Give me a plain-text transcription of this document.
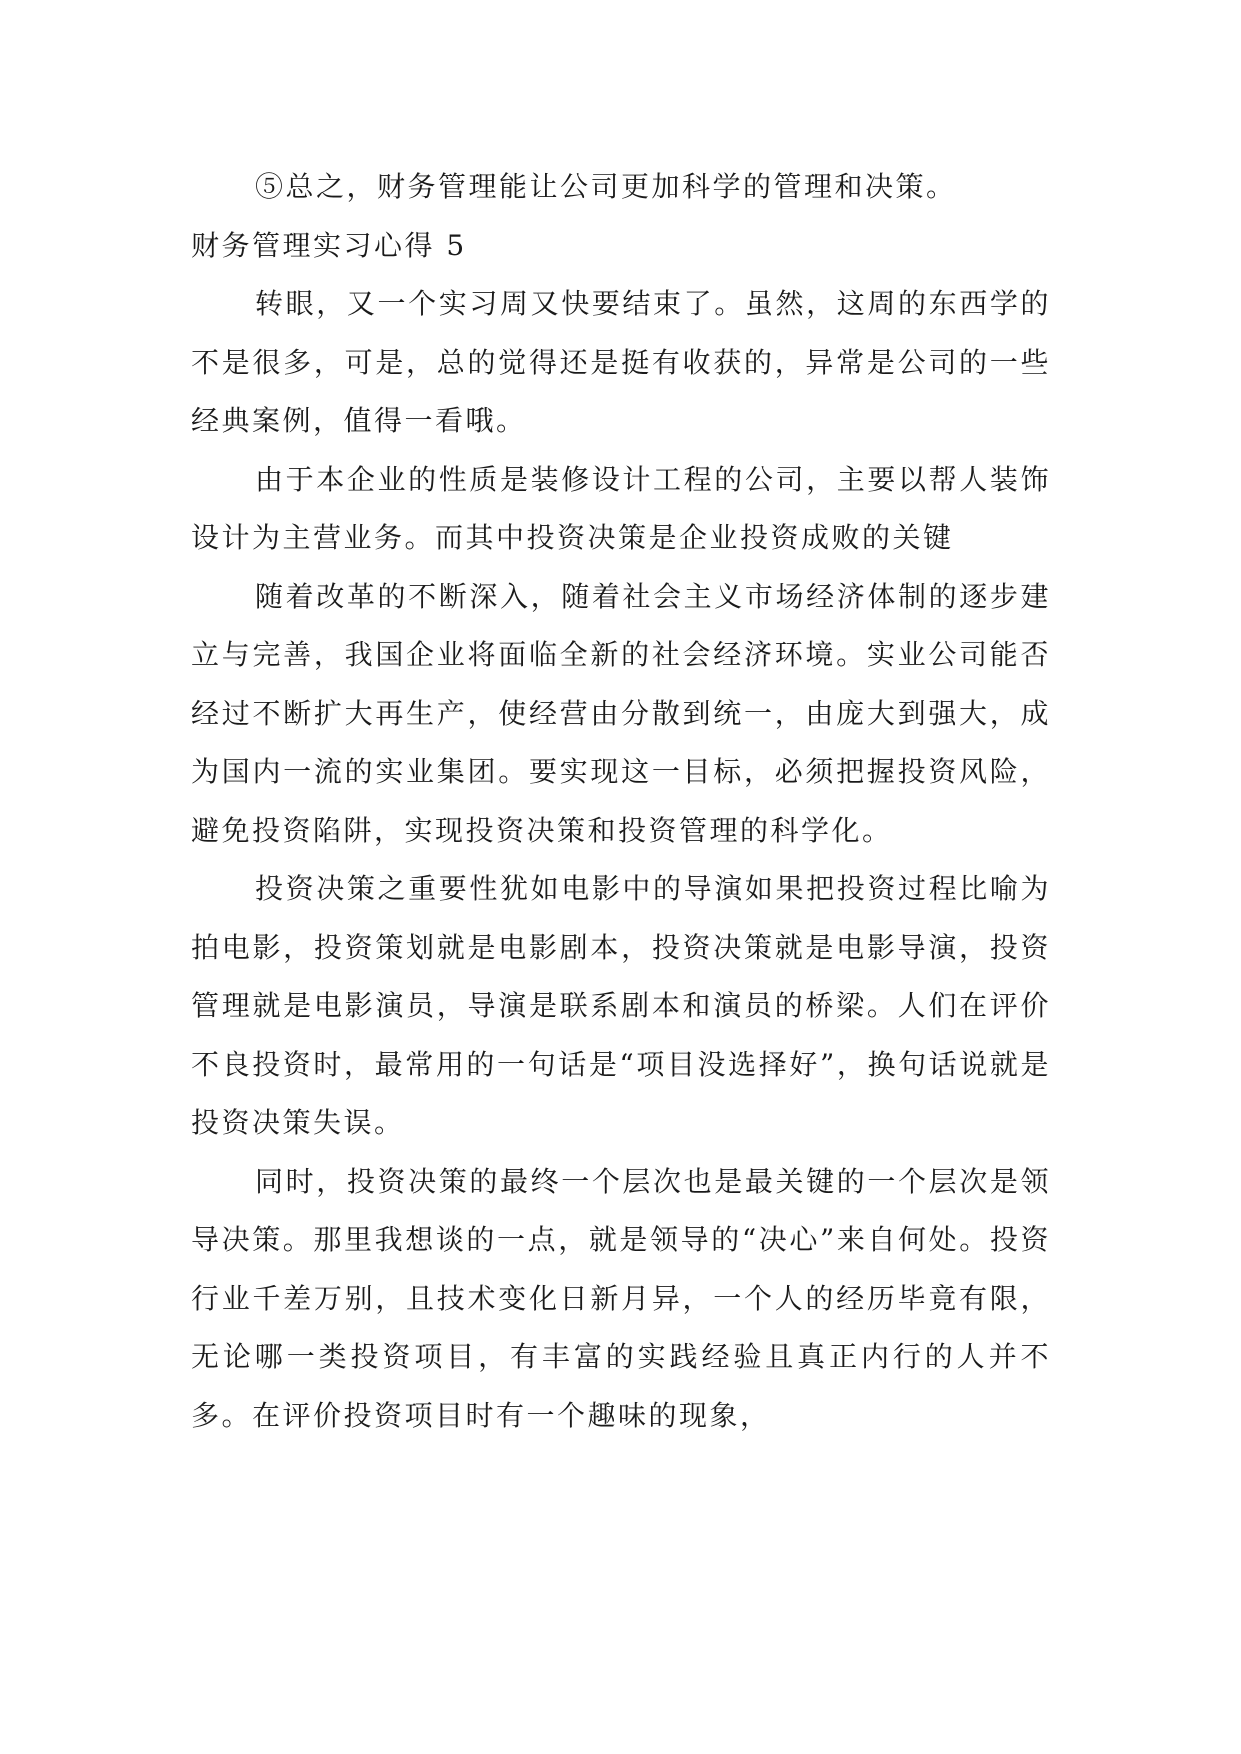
⑤总之，财务管理能让公司更加科学的管理和决策。

财务管理实习心得 5

转眼，又一个实习周又快要结束了。虽然，这周的东西学的不是很多，可是，总的觉得还是挺有收获的，异常是公司的一些经典案例，值得一看哦。

由于本企业的性质是装修设计工程的公司，主要以帮人装饰设计为主营业务。而其中投资决策是企业投资成败的关键

随着改革的不断深入，随着社会主义市场经济体制的逐步建立与完善，我国企业将面临全新的社会经济环境。实业公司能否经过不断扩大再生产，使经营由分散到统一，由庞大到强大，成为国内一流的实业集团。要实现这一目标，必须把握投资风险，避免投资陷阱，实现投资决策和投资管理的科学化。

投资决策之重要性犹如电影中的导演如果把投资过程比喻为拍电影，投资策划就是电影剧本，投资决策就是电影导演，投资管理就是电影演员，导演是联系剧本和演员的桥梁。人们在评价不良投资时，最常用的一句话是“项目没选择好”，换句话说就是投资决策失误。

同时，投资决策的最终一个层次也是最关键的一个层次是领导决策。那里我想谈的一点，就是领导的“决心”来自何处。投资行业千差万别，且技术变化日新月异，一个人的经历毕竟有限，无论哪一类投资项目，有丰富的实践经验且真正内行的人并不多。在评价投资项目时有一个趣味的现象，
